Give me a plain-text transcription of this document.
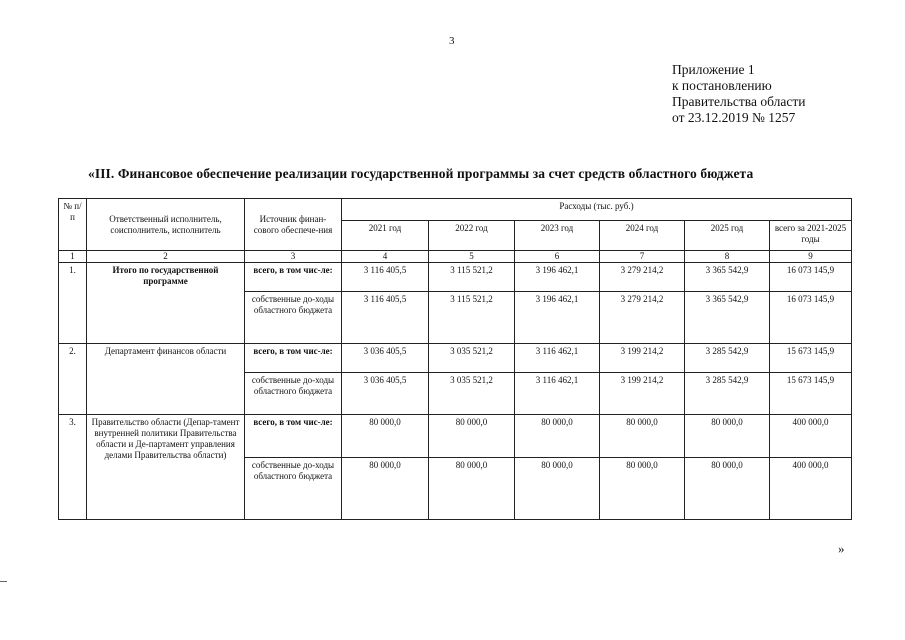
3
Приложение 1
к постановлению
Правительства области
от 23.12.2019 № 1257
«III. Финансовое обеспечение реализации государственной программы за счет средств областного бюджета
№ п/п	Ответственный исполнитель, соисполнитель, исполнитель	Источник финан-сового обеспече-ния	Расходы (тыс. руб.)					
			2021 год	2022 год	2023 год	2024 год	2025 год	всего за 2021-2025 годы
1	2	3	4	5	6	7	8	9
1.	Итого по государственной программе	всего, в том чис-ле:	3 116 405,5	3 115 521,2	3 196 462,1	3 279 214,2	3 365 542,9	16 073 145,9
		собственные до-ходы областного бюджета	3 116 405,5	3 115 521,2	3 196 462,1	3 279 214,2	3 365 542,9	16 073 145,9
2.	Департамент финансов области	всего, в том чис-ле:	3 036 405,5	3 035 521,2	3 116 462,1	3 199 214,2	3 285 542,9	15 673 145,9
		собственные до-ходы областного бюджета	3 036 405,5	3 035 521,2	3 116 462,1	3 199 214,2	3 285 542,9	15 673 145,9
3.	Правительство области (Депар-тамент внутренней политики Правительства области и Де-партамент управления делами Правительства области)	всего, в том чис-ле:	80 000,0	80 000,0	80 000,0	80 000,0	80 000,0	400 000,0
		собственные до-ходы областного бюджета	80 000,0	80 000,0	80 000,0	80 000,0	80 000,0	400 000,0
»
